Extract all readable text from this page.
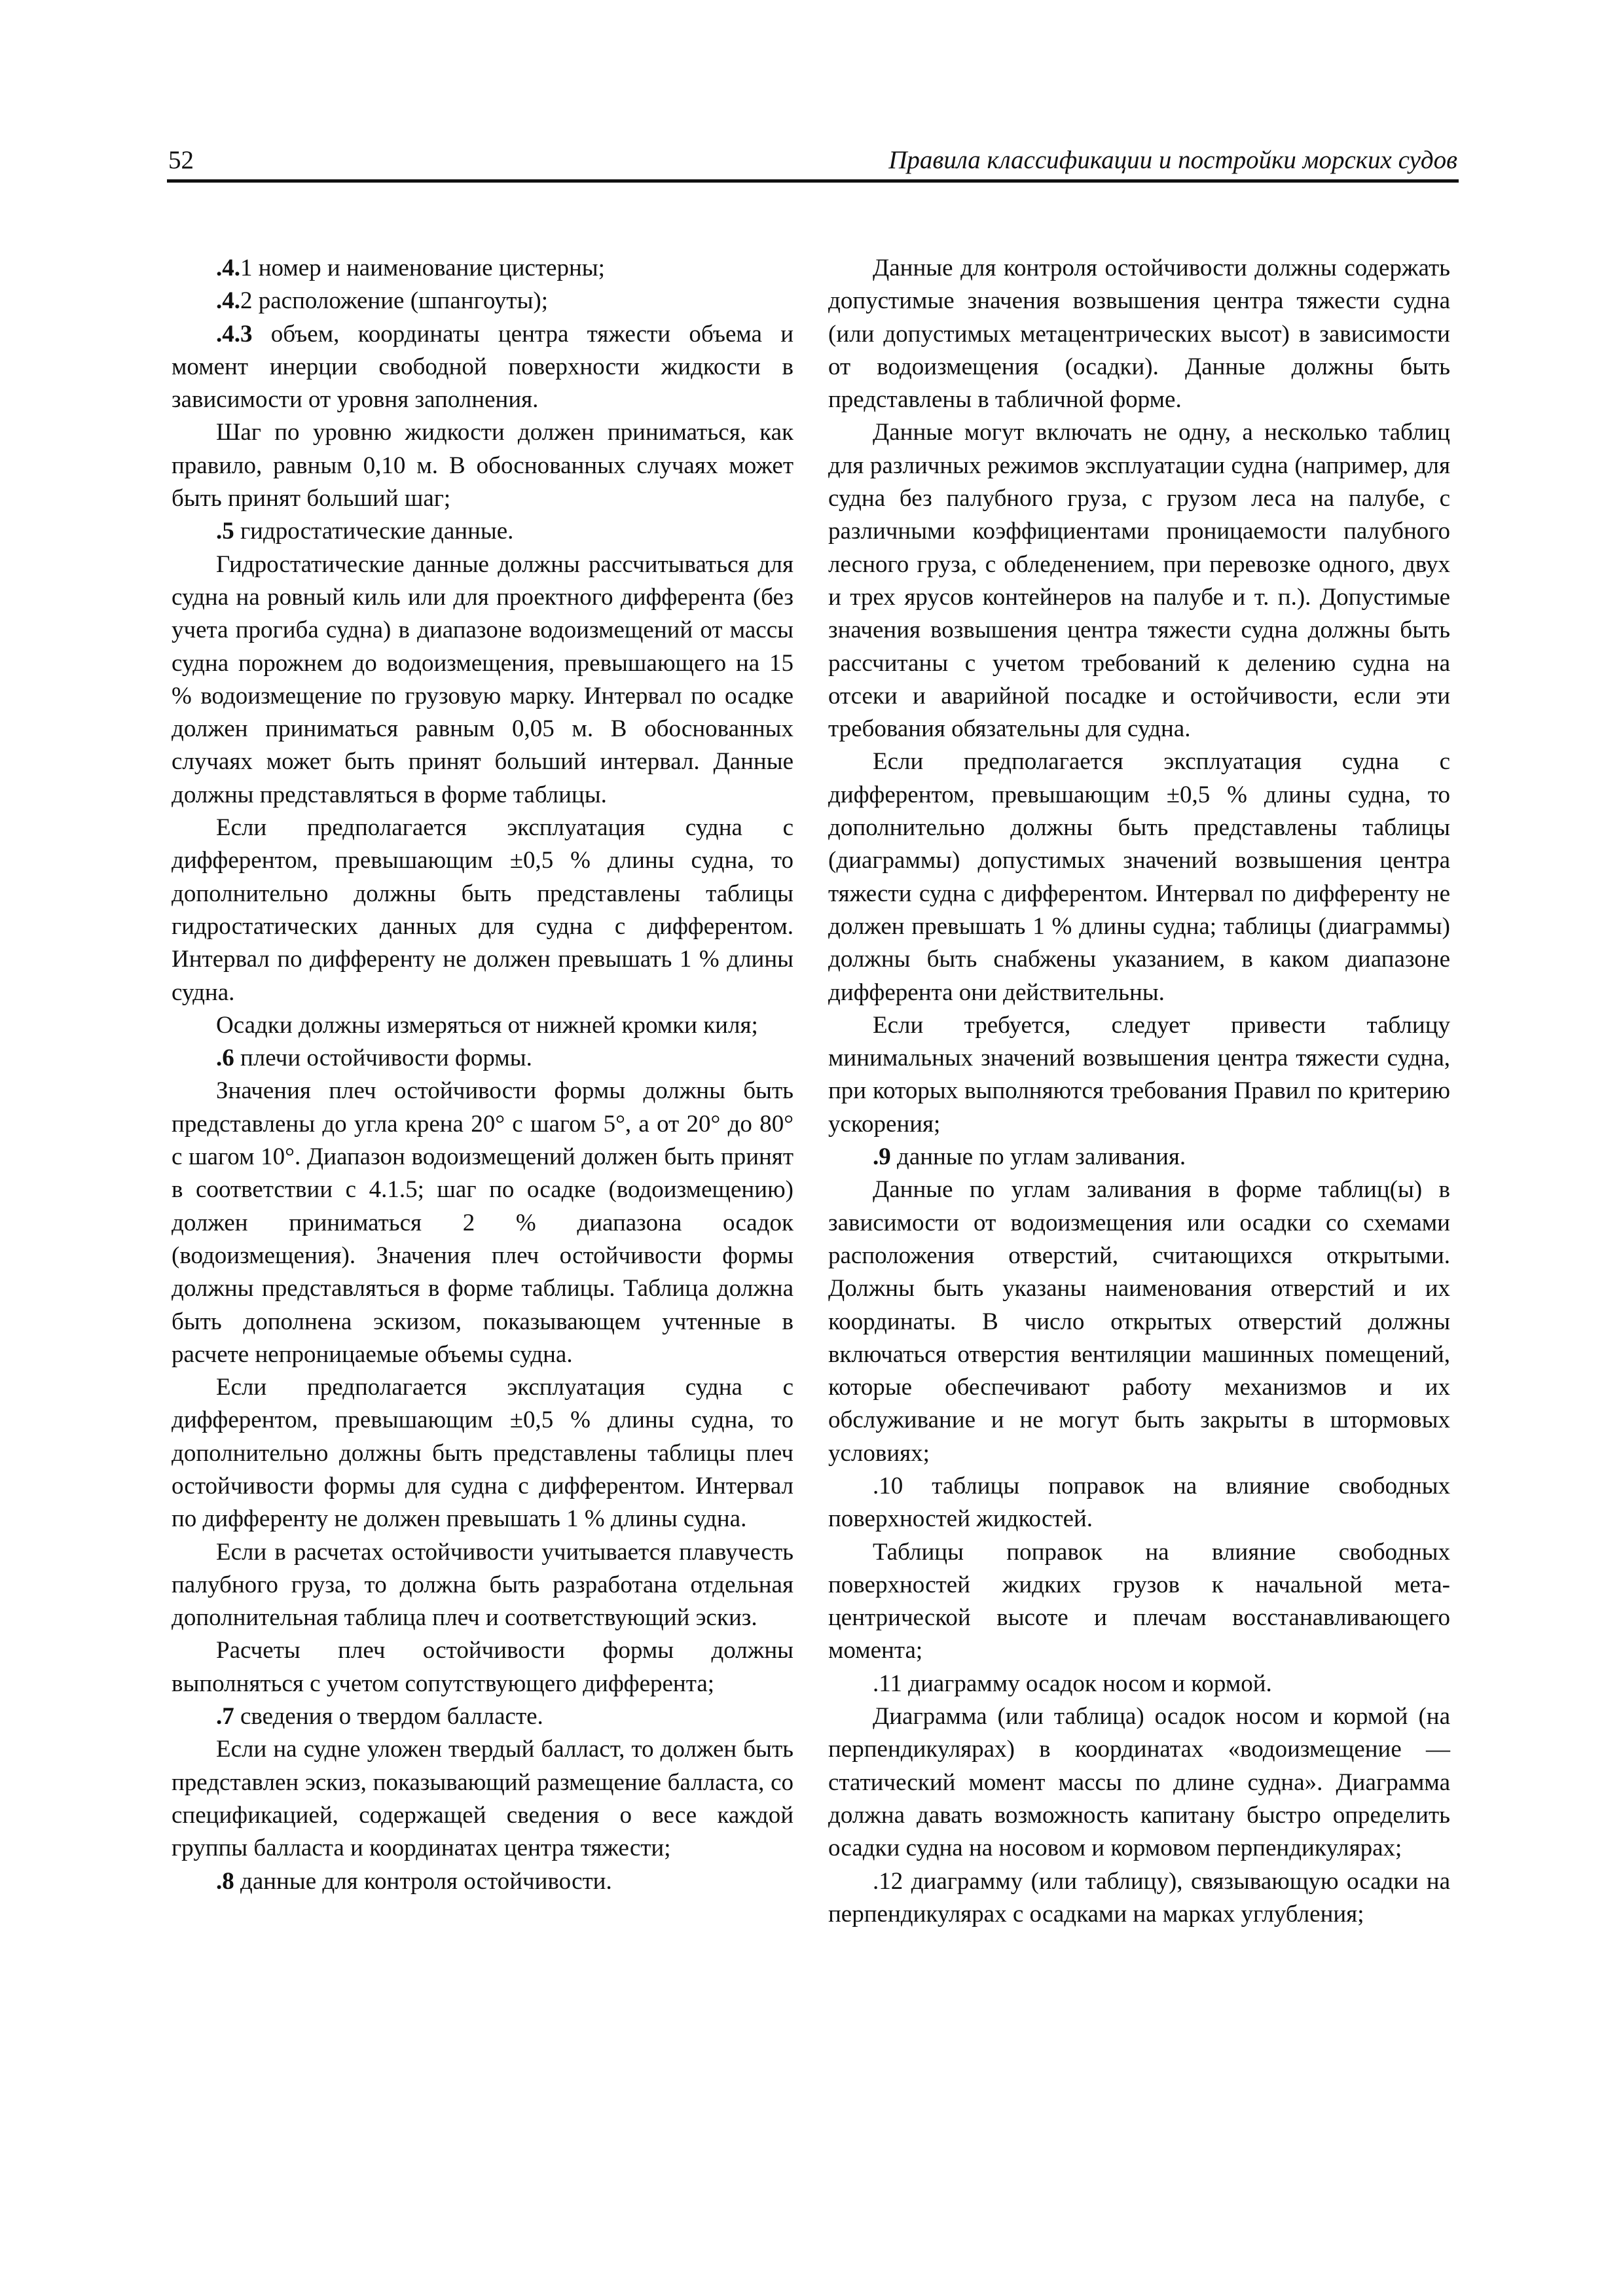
52	Правила классификации и постройки морских судов

.4.1 номер и наименование цистерны;

.4.2 расположение (шпангоуты);

.4.3 объем, координаты центра тяжести объема и момент инерции свободной поверхности жидкости в зависимости от уровня заполнения.

Шаг по уровню жидкости должен приниматься, как правило, равным 0,10 м. В обоснованных случаях может быть принят больший шаг;

.5 гидростатические данные.

Гидростатические данные должны рассчитываться для судна на ровный киль или для проектного дифферента (без учета прогиба судна) в диапазоне водоизмещений от массы судна порожнем до водоизмещения, превышающего на 15 % водоизмещение по грузовую марку. Интервал по осадке должен приниматься равным 0,05 м. В обоснованных случаях может быть принят больший интервал. Данные должны представляться в форме таблицы.

Если предполагается эксплуатация судна с дифферентом, превышающим ±0,5 % длины судна, то дополнительно должны быть представлены таблицы гидростатических данных для судна с дифферентом. Интервал по дифференту не должен превышать 1 % длины судна.

Осадки должны измеряться от нижней кромки киля;

.6 плечи остойчивости формы.

Значения плеч остойчивости формы должны быть представлены до угла крена 20° с шагом 5°, а от 20° до 80° с шагом 10°. Диапазон водоизмещений должен быть принят в соответствии с 4.1.5; шаг по осадке (водоизмещению) должен приниматься 2 % диапазона осадок (водоизмещения). Значения плеч остойчивости формы должны представляться в форме таблицы. Таблица должна быть дополнена эскизом, показывающем учтенные в расчете непроницаемые объемы судна.

Если предполагается эксплуатация судна с дифферентом, превышающим ±0,5 % длины судна, то дополнительно должны быть представлены таблицы плеч остойчивости формы для судна с дифферентом. Интервал по дифференту не должен превышать 1 % длины судна.

Если в расчетах остойчивости учитывается плавучесть палубного груза, то должна быть разработана отдельная дополнительная таблица плеч и соответствующий эскиз.

Расчеты плеч остойчивости формы должны выполняться с учетом сопутствующего дифферента;

.7 сведения о твердом балласте.

Если на судне уложен твердый балласт, то должен быть представлен эскиз, показывающий размещение балласта, со спецификацией, содержащей сведения о весе каждой группы балласта и координатах центра тяжести;

.8 данные для контроля остойчивости.

Данные для контроля остойчивости должны содержать допустимые значения возвышения центра тяжести судна (или допустимых метацентрических высот) в зависимости от водоизмещения (осадки). Данные должны быть представлены в табличной форме.

Данные могут включать не одну, а несколько таблиц для различных режимов эксплуатации судна (например, для судна без палубного груза, с грузом леса на палубе, с различными коэффициентами проницаемости палубного лесного груза, с обледенением, при перевозке одного, двух и трех ярусов контейнеров на палубе и т. п.). Допустимые значения возвышения центра тяжести судна должны быть рассчитаны с учетом требований к делению судна на отсеки и аварийной посадке и остойчивости, если эти требования обязательны для судна.

Если предполагается эксплуатация судна с дифферентом, превышающим ±0,5 % длины судна, то дополнительно должны быть представлены таблицы (диаграммы) допустимых значений возвышения центра тяжести судна с дифферентом. Интервал по дифференту не должен превышать 1 % длины судна; таблицы (диаграммы) должны быть снабжены указанием, в каком диапазоне дифферента они действительны.

Если требуется, следует привести таблицу минимальных значений возвышения центра тяжести судна, при которых выполняются требования Правил по критерию ускорения;

.9 данные по углам заливания.

Данные по углам заливания в форме таблиц(ы) в зависимости от водоизмещения или осадки со схемами расположения отверстий, считающихся открытыми. Должны быть указаны наименования отверстий и их координаты. В число открытых отверстий должны включаться отверстия вентиляции машинных помещений, которые обеспечивают работу механизмов и их обслуживание и не могут быть закрыты в штормовых условиях;

.10 таблицы поправок на влияние свободных поверхностей жидкостей.

Таблицы поправок на влияние свободных поверхностей жидких грузов к начальной метацентрической высоте и плечам восстанавливающего момента;

.11 диаграмму осадок носом и кормой.

Диаграмма (или таблица) осадок носом и кормой (на перпендикулярах) в координатах «водоизмещение — статический момент массы по длине судна». Диаграмма должна давать возможность капитану быстро определить осадки судна на носовом и кормовом перпендикулярах;

.12 диаграмму (или таблицу), связывающую осадки на перпендикулярах с осадками на марках углубления;
